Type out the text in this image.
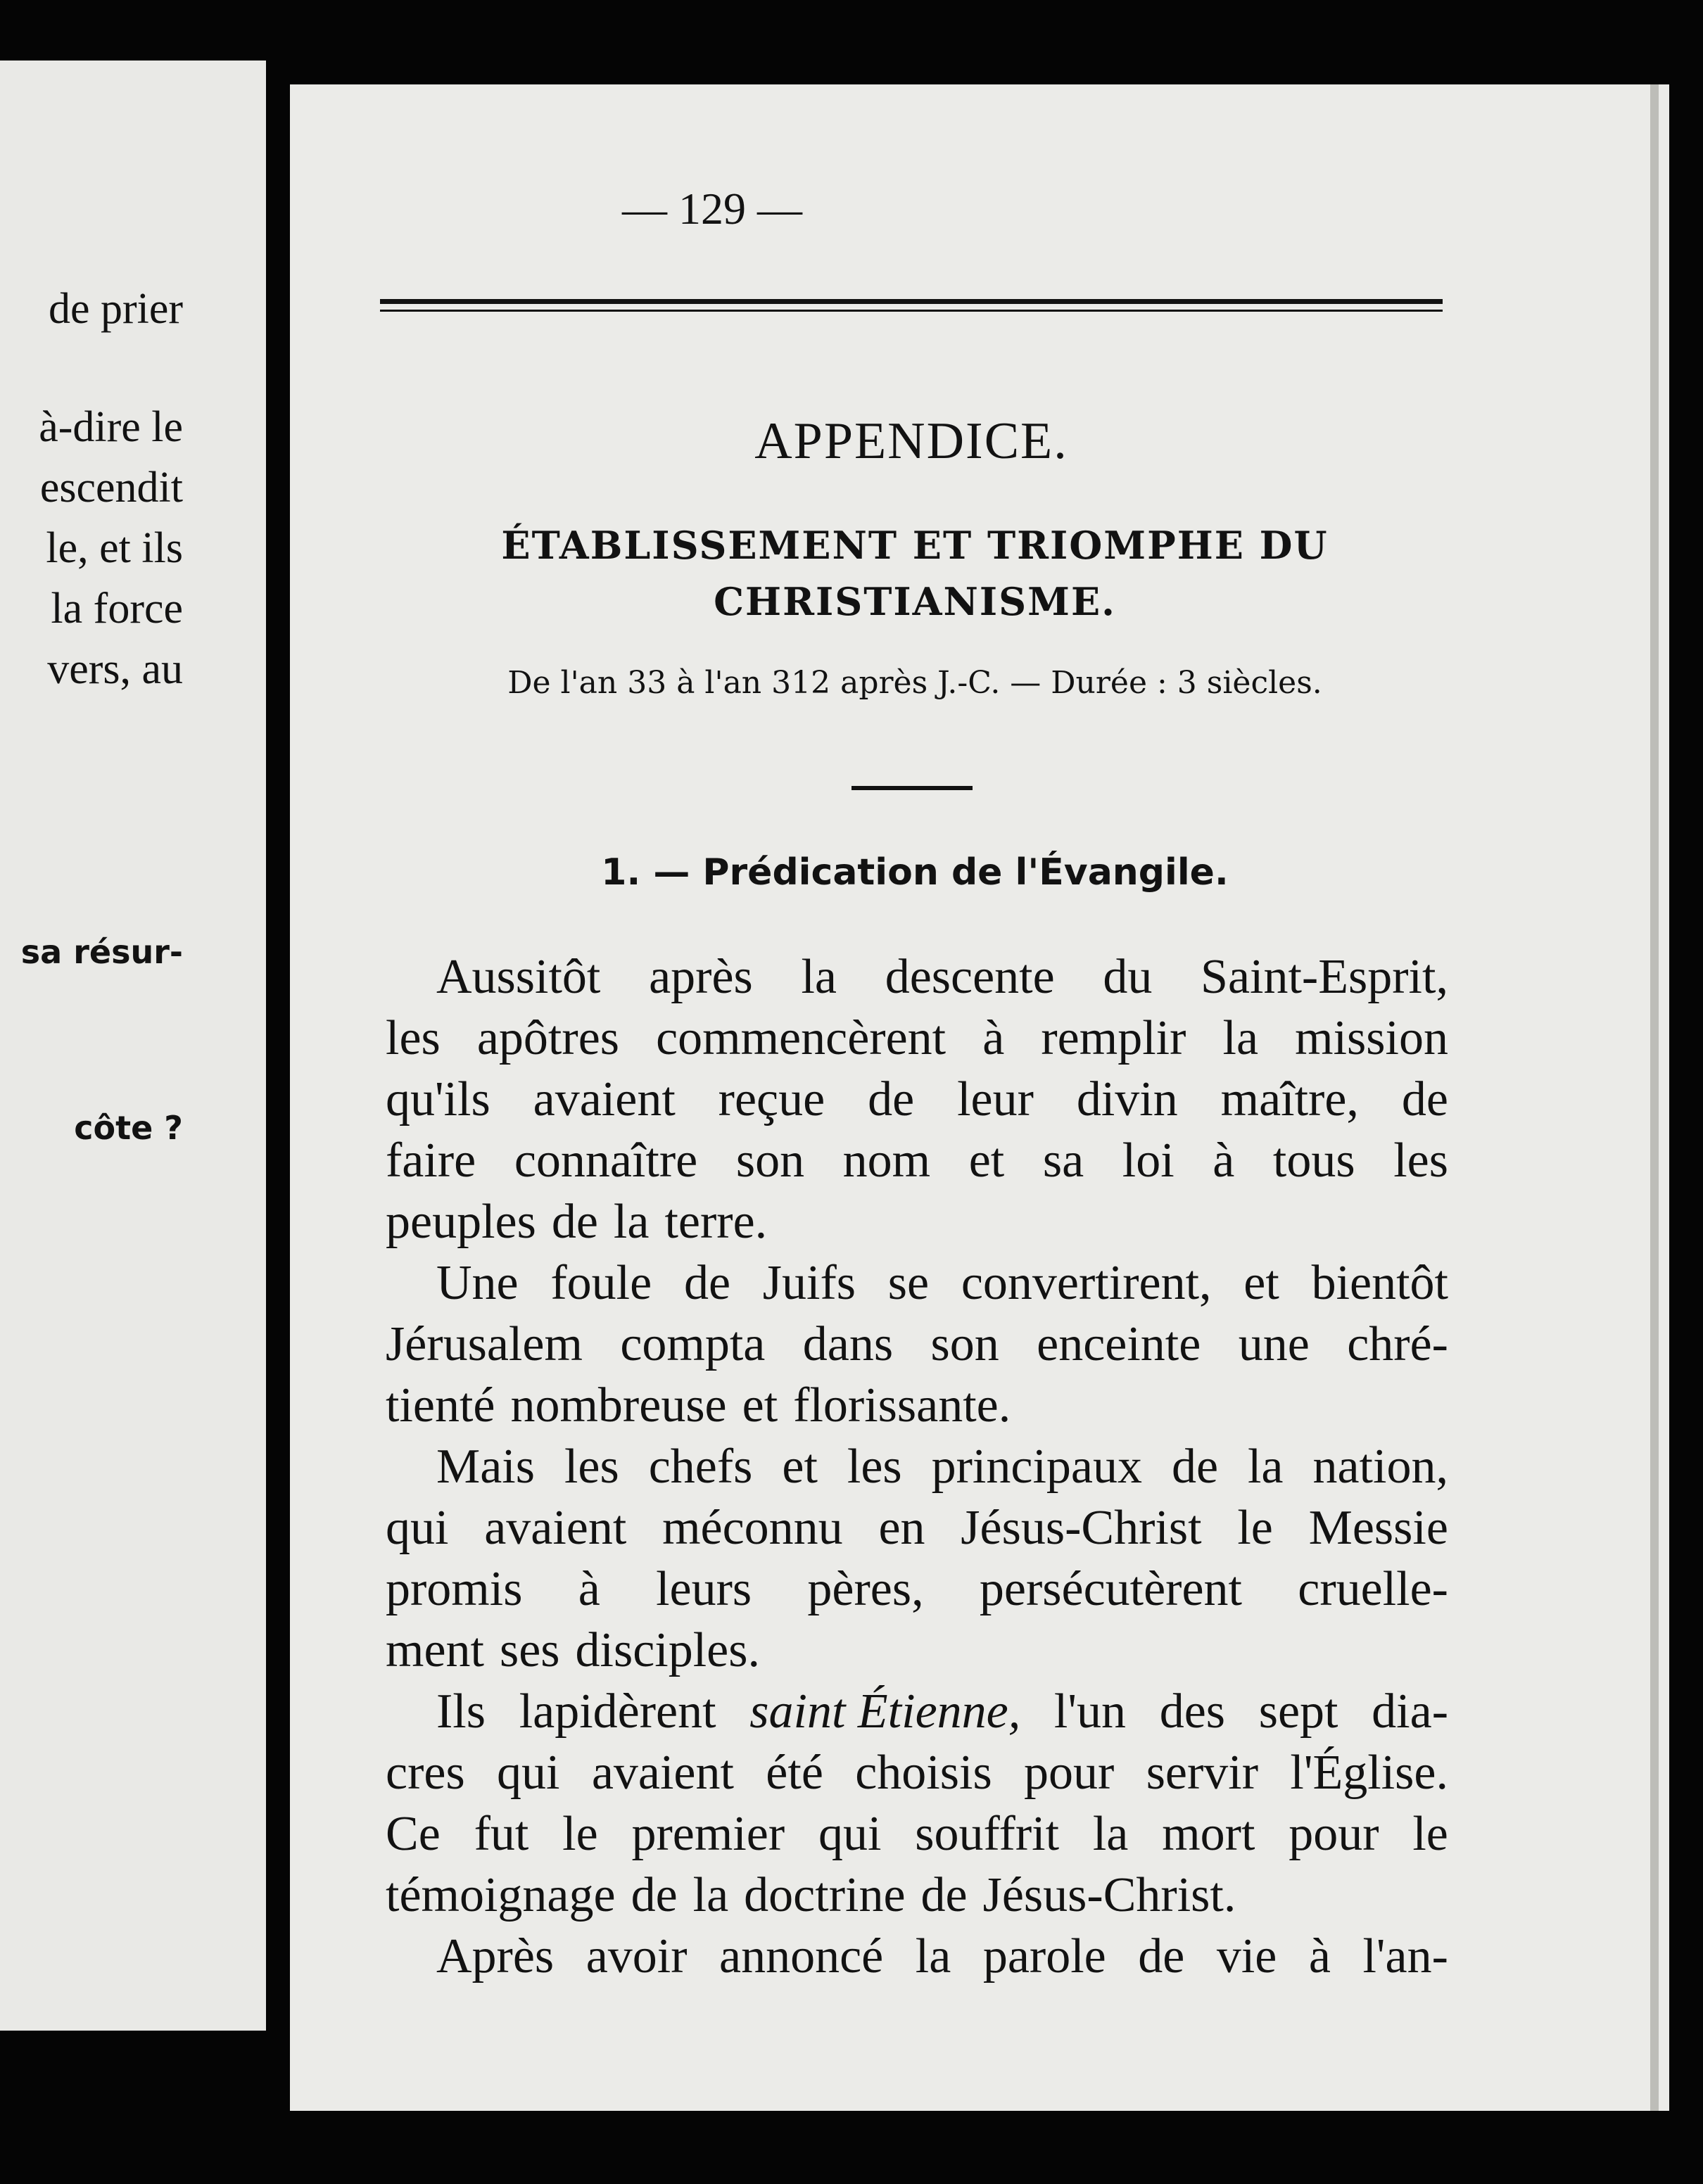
de prier
à-dire le
escendit
le, et ils
la force
vers, au
sa résur-
côte ?
— 129 —
APPENDICE.
ÉTABLISSEMENT ET TRIOMPHE DU
CHRISTIANISME.
De l'an 33 à l'an 312 après J.-C. — Durée : 3 siècles.
1. — Prédication de l'Évangile.
Aussitôt après la descente du Saint-Esprit,
les apôtres commencèrent à remplir la mission
qu'ils avaient reçue de leur divin maître, de
faire connaître son nom et sa loi à tous les
peuples de la terre.
Une foule de Juifs se convertirent, et bientôt
Jérusalem compta dans son enceinte une chré-
tienté nombreuse et florissante.
Mais les chefs et les principaux de la nation,
qui avaient méconnu en Jésus-Christ le Messie
promis à leurs pères, persécutèrent cruelle-
ment ses disciples.
Ils lapidèrent saint Étienne, l'un des sept dia-
cres qui avaient été choisis pour servir l'Église.
Ce fut le premier qui souffrit la mort pour le
témoignage de la doctrine de Jésus-Christ.
Après avoir annoncé la parole de vie à l'an-
